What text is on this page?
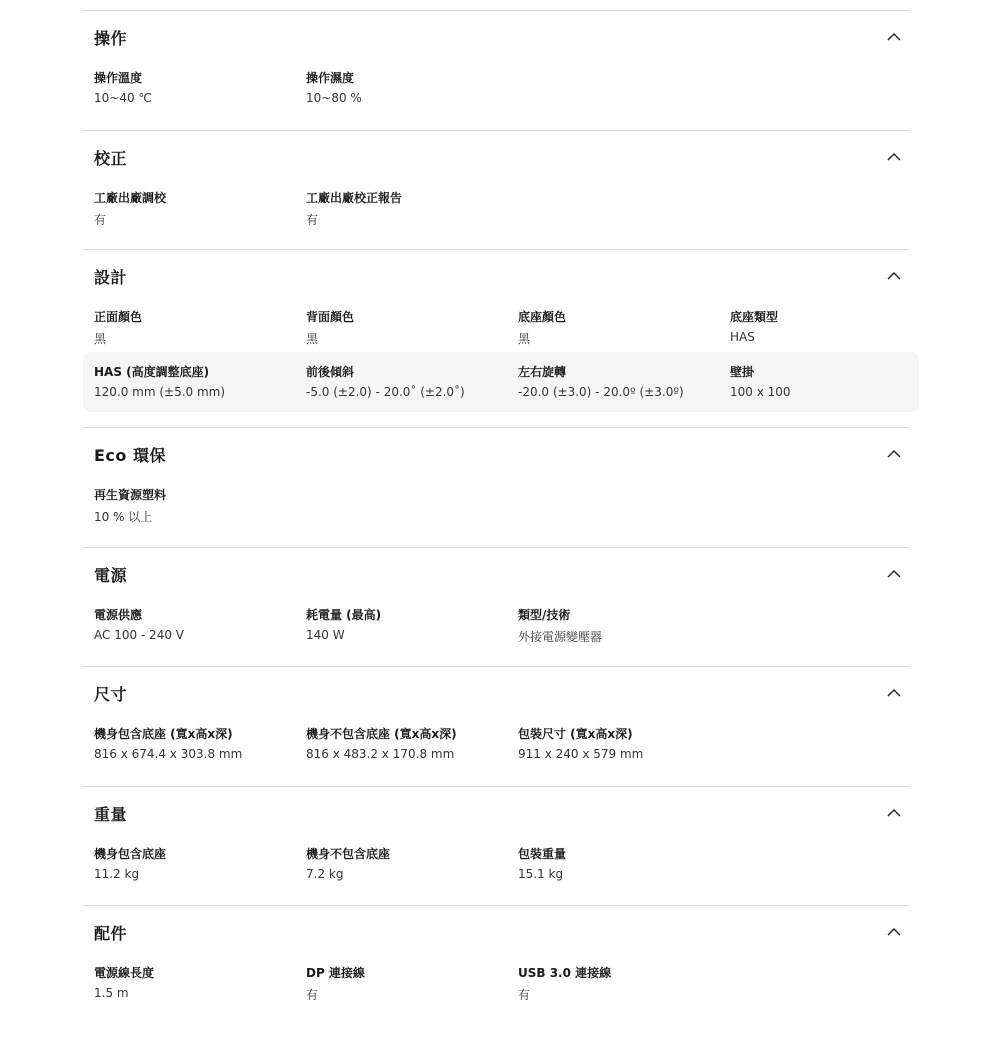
操作
操作溫度
10~40 ℃
操作濕度
10~80 %
校正
工廠出廠調校
有
工廠出廠校正報告
有
設計
正面顏色
黑
背面顏色
黑
底座顏色
黑
底座類型
HAS
HAS (高度調整底座)
120.0 mm (±5.0 mm)
前後傾斜
-5.0 (±2.0) - 20.0˚ (±2.0˚)
左右旋轉
-20.0 (±3.0) - 20.0º (±3.0º)
壁掛
100 x 100
Eco 環保
再生資源塑料
10 % 以上
電源
電源供應
AC 100 - 240 V
耗電量 (最高)
140 W
類型/技術
外接電源變壓器
尺寸
機身包含底座 (寬x高x深)
816 x 674.4 x 303.8 mm
機身不包含底座 (寬x高x深)
816 x 483.2 x 170.8 mm
包裝尺寸 (寬x高x深)
911 x 240 x 579 mm
重量
機身包含底座
11.2 kg
機身不包含底座
7.2 kg
包裝重量
15.1 kg
配件
電源線長度
1.5 m
DP 連接線
有
USB 3.0 連接線
有
